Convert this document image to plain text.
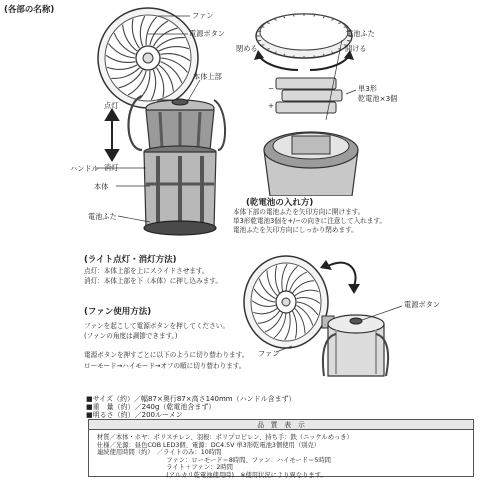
(各部の名称)
(乾電池の入れ方)
(ライト点灯・消灯方法)
(ファン使用方法)
ファン
電源ボタン
本体上部
点灯
消灯
ハンドル
本体
電池ふた
電池ふた
閉める	開ける
単3形
乾電池×3個
−
+
本体下部の電池ふたを矢印方向に開けます。
単3形乾電池3個を+/−の向きに注意して入れます。
電池ふたを矢印方向にしっかり閉めます。
点灯：本体上部を上にスライドさせます。
消灯：本体上部を下（本体）に押し込みます。
ファンを起こして電源ボタンを押してください。
(ファンの角度は調節できます。)
電源ボタンを押すごとに以下のように切り替わります。
ローモード→ハイモード→オフの順に切り替わります。
電源ボタン
ファン
■サイズ（約）／幅87×奥行87×高さ140mm（ハンドル含まず）
■重　量（約）／240g（乾電池含まず）
■明るさ（約）／200ルーメン
品　質　表　示
材質／本体・ホヤ：ポリスチレン、羽根：ポリプロピレン、持ち手：鉄（ニッケルめっき）
仕様／光源：昼色COB LED3個、電源：DC4.5V 単3形乾電池3個使用（別売）
連続使用時間（約）　／ライトのみ：10時間
　　　　　　　　　　　ファン：ローモード＝8時間、ファン：ハイモード＝5時間
　　　　　　　　　　　ライト＋ファン：2時間
　　　　　　　　　　　(アルカリ乾電池使用時)　※使用状況により異なります。
